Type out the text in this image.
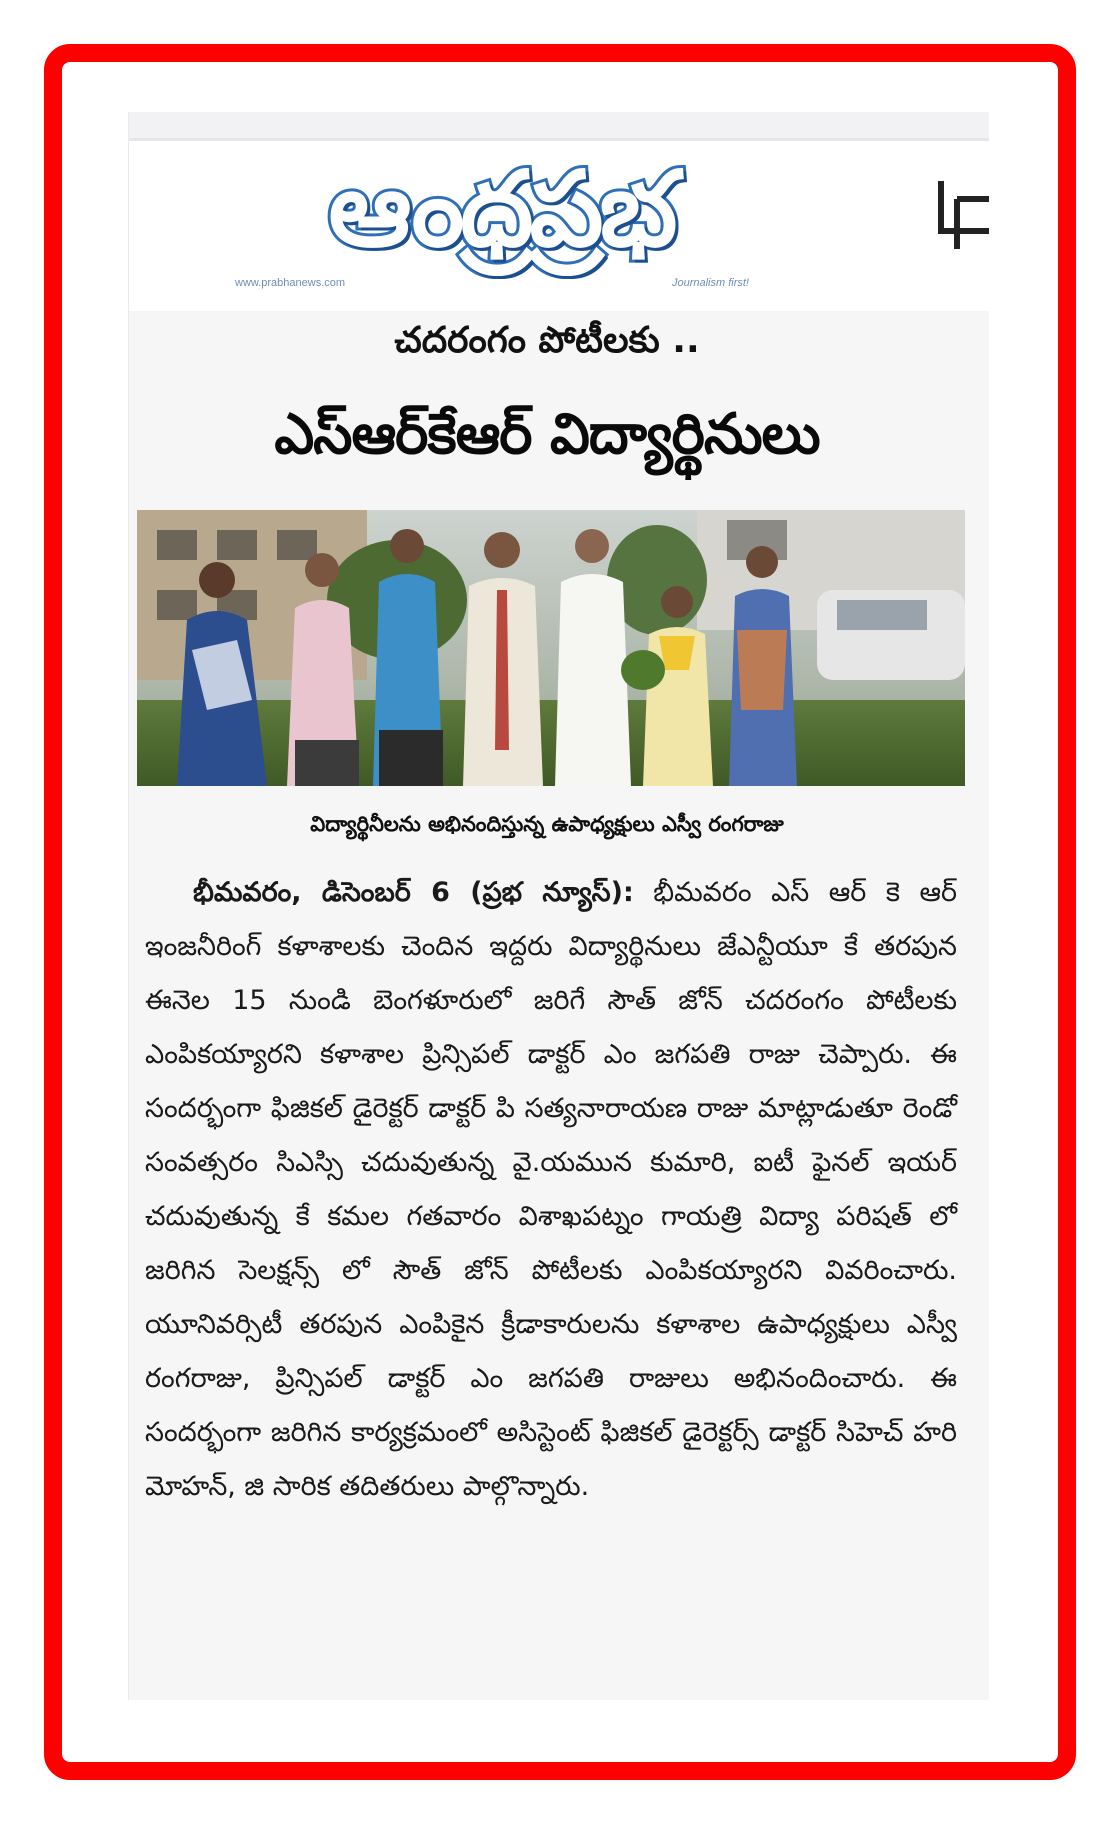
ఆంధ్రప్రభ
www.prabhanews.com	Journalism first!
చదరంగం పోటీలకు ..
ఎస్ఆర్‌కేఆర్ విద్యార్థినులు
విద్యార్థినీలను అభినందిస్తున్న ఉపాధ్యక్షులు ఎస్వీ రంగరాజు
భీమవరం, డిసెంబర్ 6 (ప్రభ న్యూస్): భీమవరం ఎస్ ఆర్ కె ఆర్ ఇంజనీరింగ్ కళాశాలకు చెందిన ఇద్దరు విద్యార్థినులు జేఎన్టీయూ కే తరపున ఈనెల 15 నుండి బెంగళూరులో జరిగే సౌత్ జోన్ చదరంగం పోటీలకు ఎంపికయ్యారని కళాశాల ప్రిన్సిపల్ డాక్టర్ ఎం జగపతి రాజు చెప్పారు. ఈ సందర్భంగా ఫిజికల్ డైరెక్టర్ డాక్టర్ పి సత్యనారాయణ రాజు మాట్లాడుతూ రెండో సంవత్సరం సిఎస్సి చదువుతున్న వై.యమున కుమారి, ఐటీ ఫైనల్ ఇయర్ చదువుతున్న కే కమల గతవారం విశాఖపట్నం గాయత్రి విద్యా పరిషత్ లో జరిగిన సెలక్షన్స్ లో సౌత్ జోన్ పోటీలకు ఎంపికయ్యారని వివరించారు. యూనివర్సిటీ తరపున ఎంపికైన క్రీడాకారులను కళాశాల ఉపాధ్యక్షులు ఎస్వీ రంగరాజు, ప్రిన్సిపల్ డాక్టర్ ఎం జగపతి రాజులు అభినందించారు. ఈ సందర్భంగా జరిగిన కార్యక్రమంలో అసిస్టెంట్ ఫిజికల్ డైరెక్టర్స్ డాక్టర్ సిహెచ్ హరి మోహన్, జి సారిక తదితరులు పాల్గొన్నారు.
